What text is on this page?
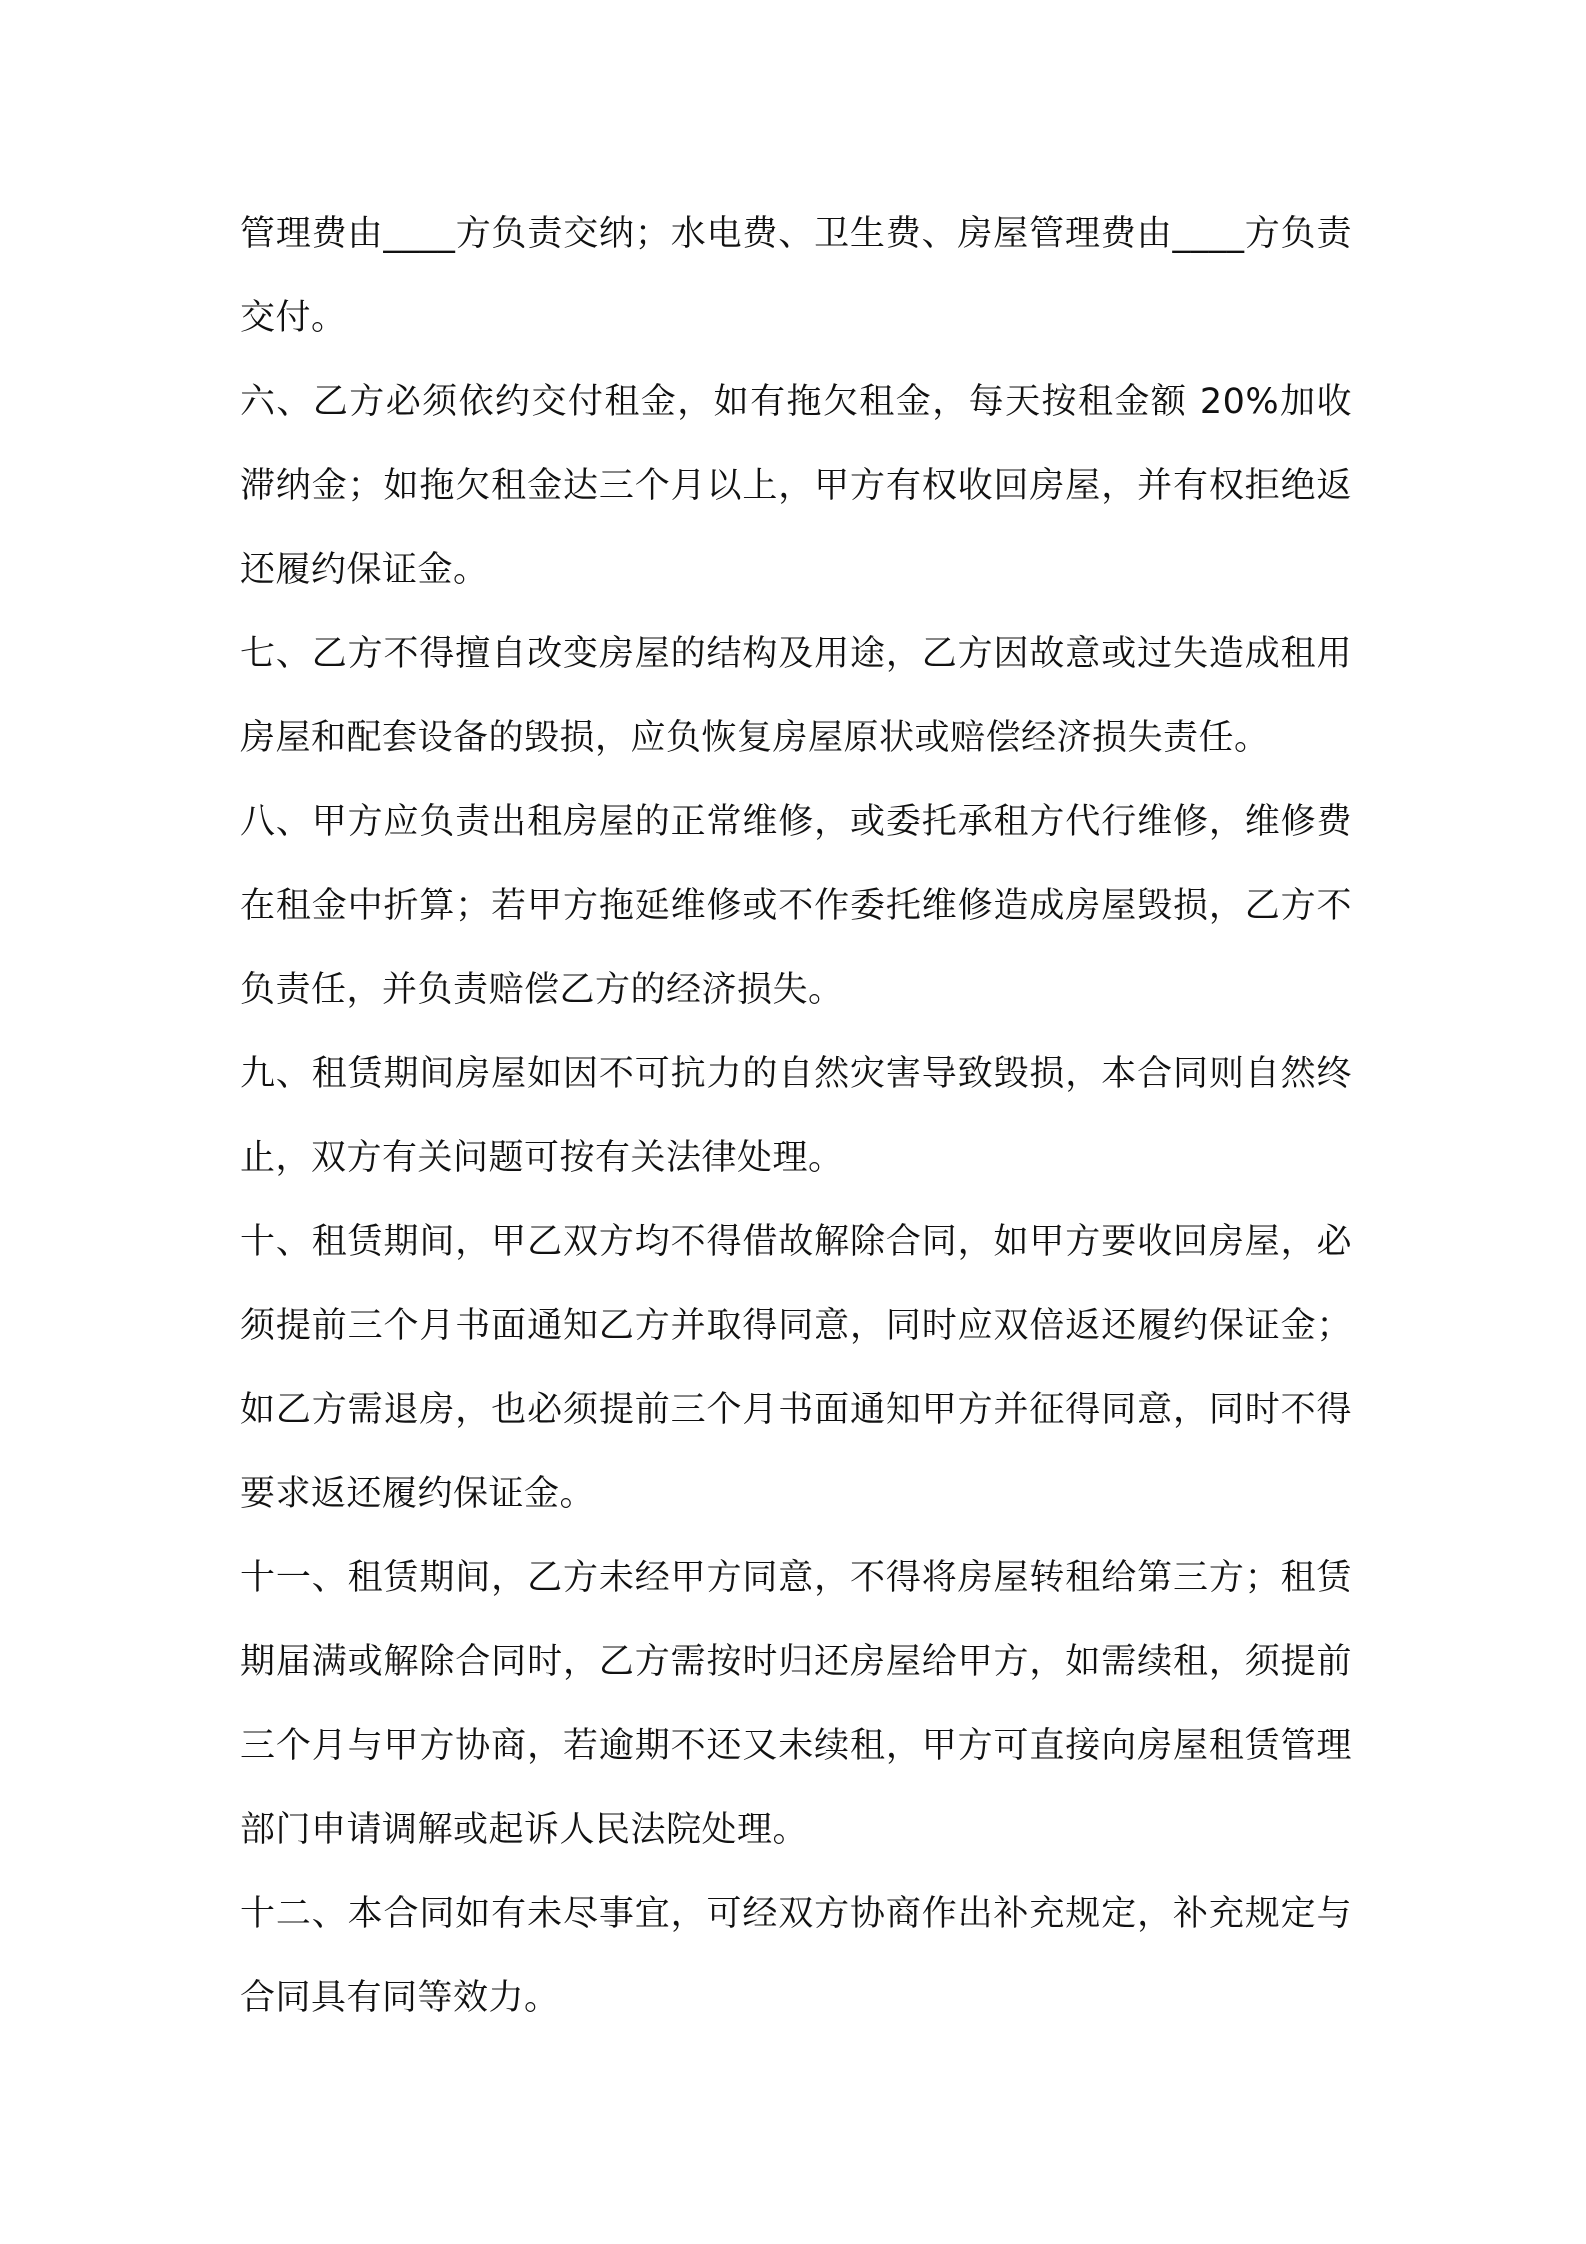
管理费由____方负责交纳；水电费、卫生费、房屋管理费由____方负责交付。

六、乙方必须依约交付租金，如有拖欠租金，每天按租金额 20%加收滞纳金；如拖欠租金达三个月以上，甲方有权收回房屋，并有权拒绝返还履约保证金。

七、乙方不得擅自改变房屋的结构及用途，乙方因故意或过失造成租用房屋和配套设备的毁损，应负恢复房屋原状或赔偿经济损失责任。

八、甲方应负责出租房屋的正常维修，或委托承租方代行维修，维修费在租金中折算；若甲方拖延维修或不作委托维修造成房屋毁损，乙方不负责任，并负责赔偿乙方的经济损失。

九、租赁期间房屋如因不可抗力的自然灾害导致毁损，本合同则自然终止，双方有关问题可按有关法律处理。

十、租赁期间，甲乙双方均不得借故解除合同，如甲方要收回房屋，必须提前三个月书面通知乙方并取得同意，同时应双倍返还履约保证金；如乙方需退房，也必须提前三个月书面通知甲方并征得同意，同时不得要求返还履约保证金。

十一、租赁期间，乙方未经甲方同意，不得将房屋转租给第三方；租赁期届满或解除合同时，乙方需按时归还房屋给甲方，如需续租，须提前三个月与甲方协商，若逾期不还又未续租，甲方可直接向房屋租赁管理部门申请调解或起诉人民法院处理。

十二、本合同如有未尽事宜，可经双方协商作出补充规定，补充规定与合同具有同等效力。
